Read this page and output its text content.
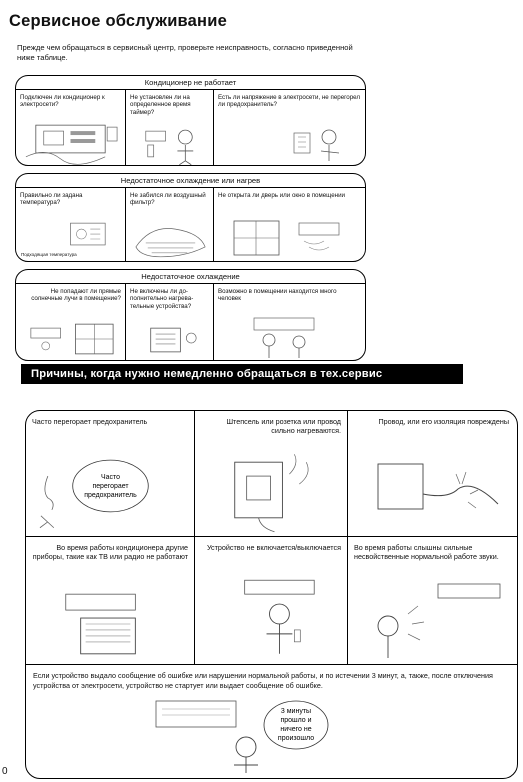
Сервисное обслуживание
Прежде чем обращаться в сервисный центр, проверьте неисправность, согласно приведенной ниже таблице.
Кондиционер не работает
Подключен ли кондиционер к электросети?
Не установлен ли на определенное время таймер?
Есть ли напряжение в электросети, не перегорел ли предохранитель?
Недостаточное охлаждение или нагрев
Правильно ли задана температура?
Подходящая температура
Не забился ли воздушный фильтр?
Не открыта ли дверь или окно в помещении
Недостаточное охлаждение
Не попадают ли прямые солнечные лучи в помещение?
Не включены ли до- полнительно нагрева- тельные устройства?
Возможно в помещении находится много человек
Причины, когда нужно немедленно обращаться в тех.сервис
Часто перегорает предохранитель
Часто
перегорает
предохранитель
Штепсель или розетка или провод сильно нагреваются.
Провод, или его изоляция повреждены
Во время работы кондиционера другие приборы, такие как ТВ или радио не работают
Устройство не включается/выключается	Во время работы слышны сильные несвойственные нормальной работе звуки.
Если устройство выдало сообщение об ошибке или нарушении нормальной работы, и по истечении 3 минут, а, также, после отключения устройства от электросети, устройство не стартует или выдает сообщение об ошибке.
3 минуты
прошло и
ничего не
произошло
0
